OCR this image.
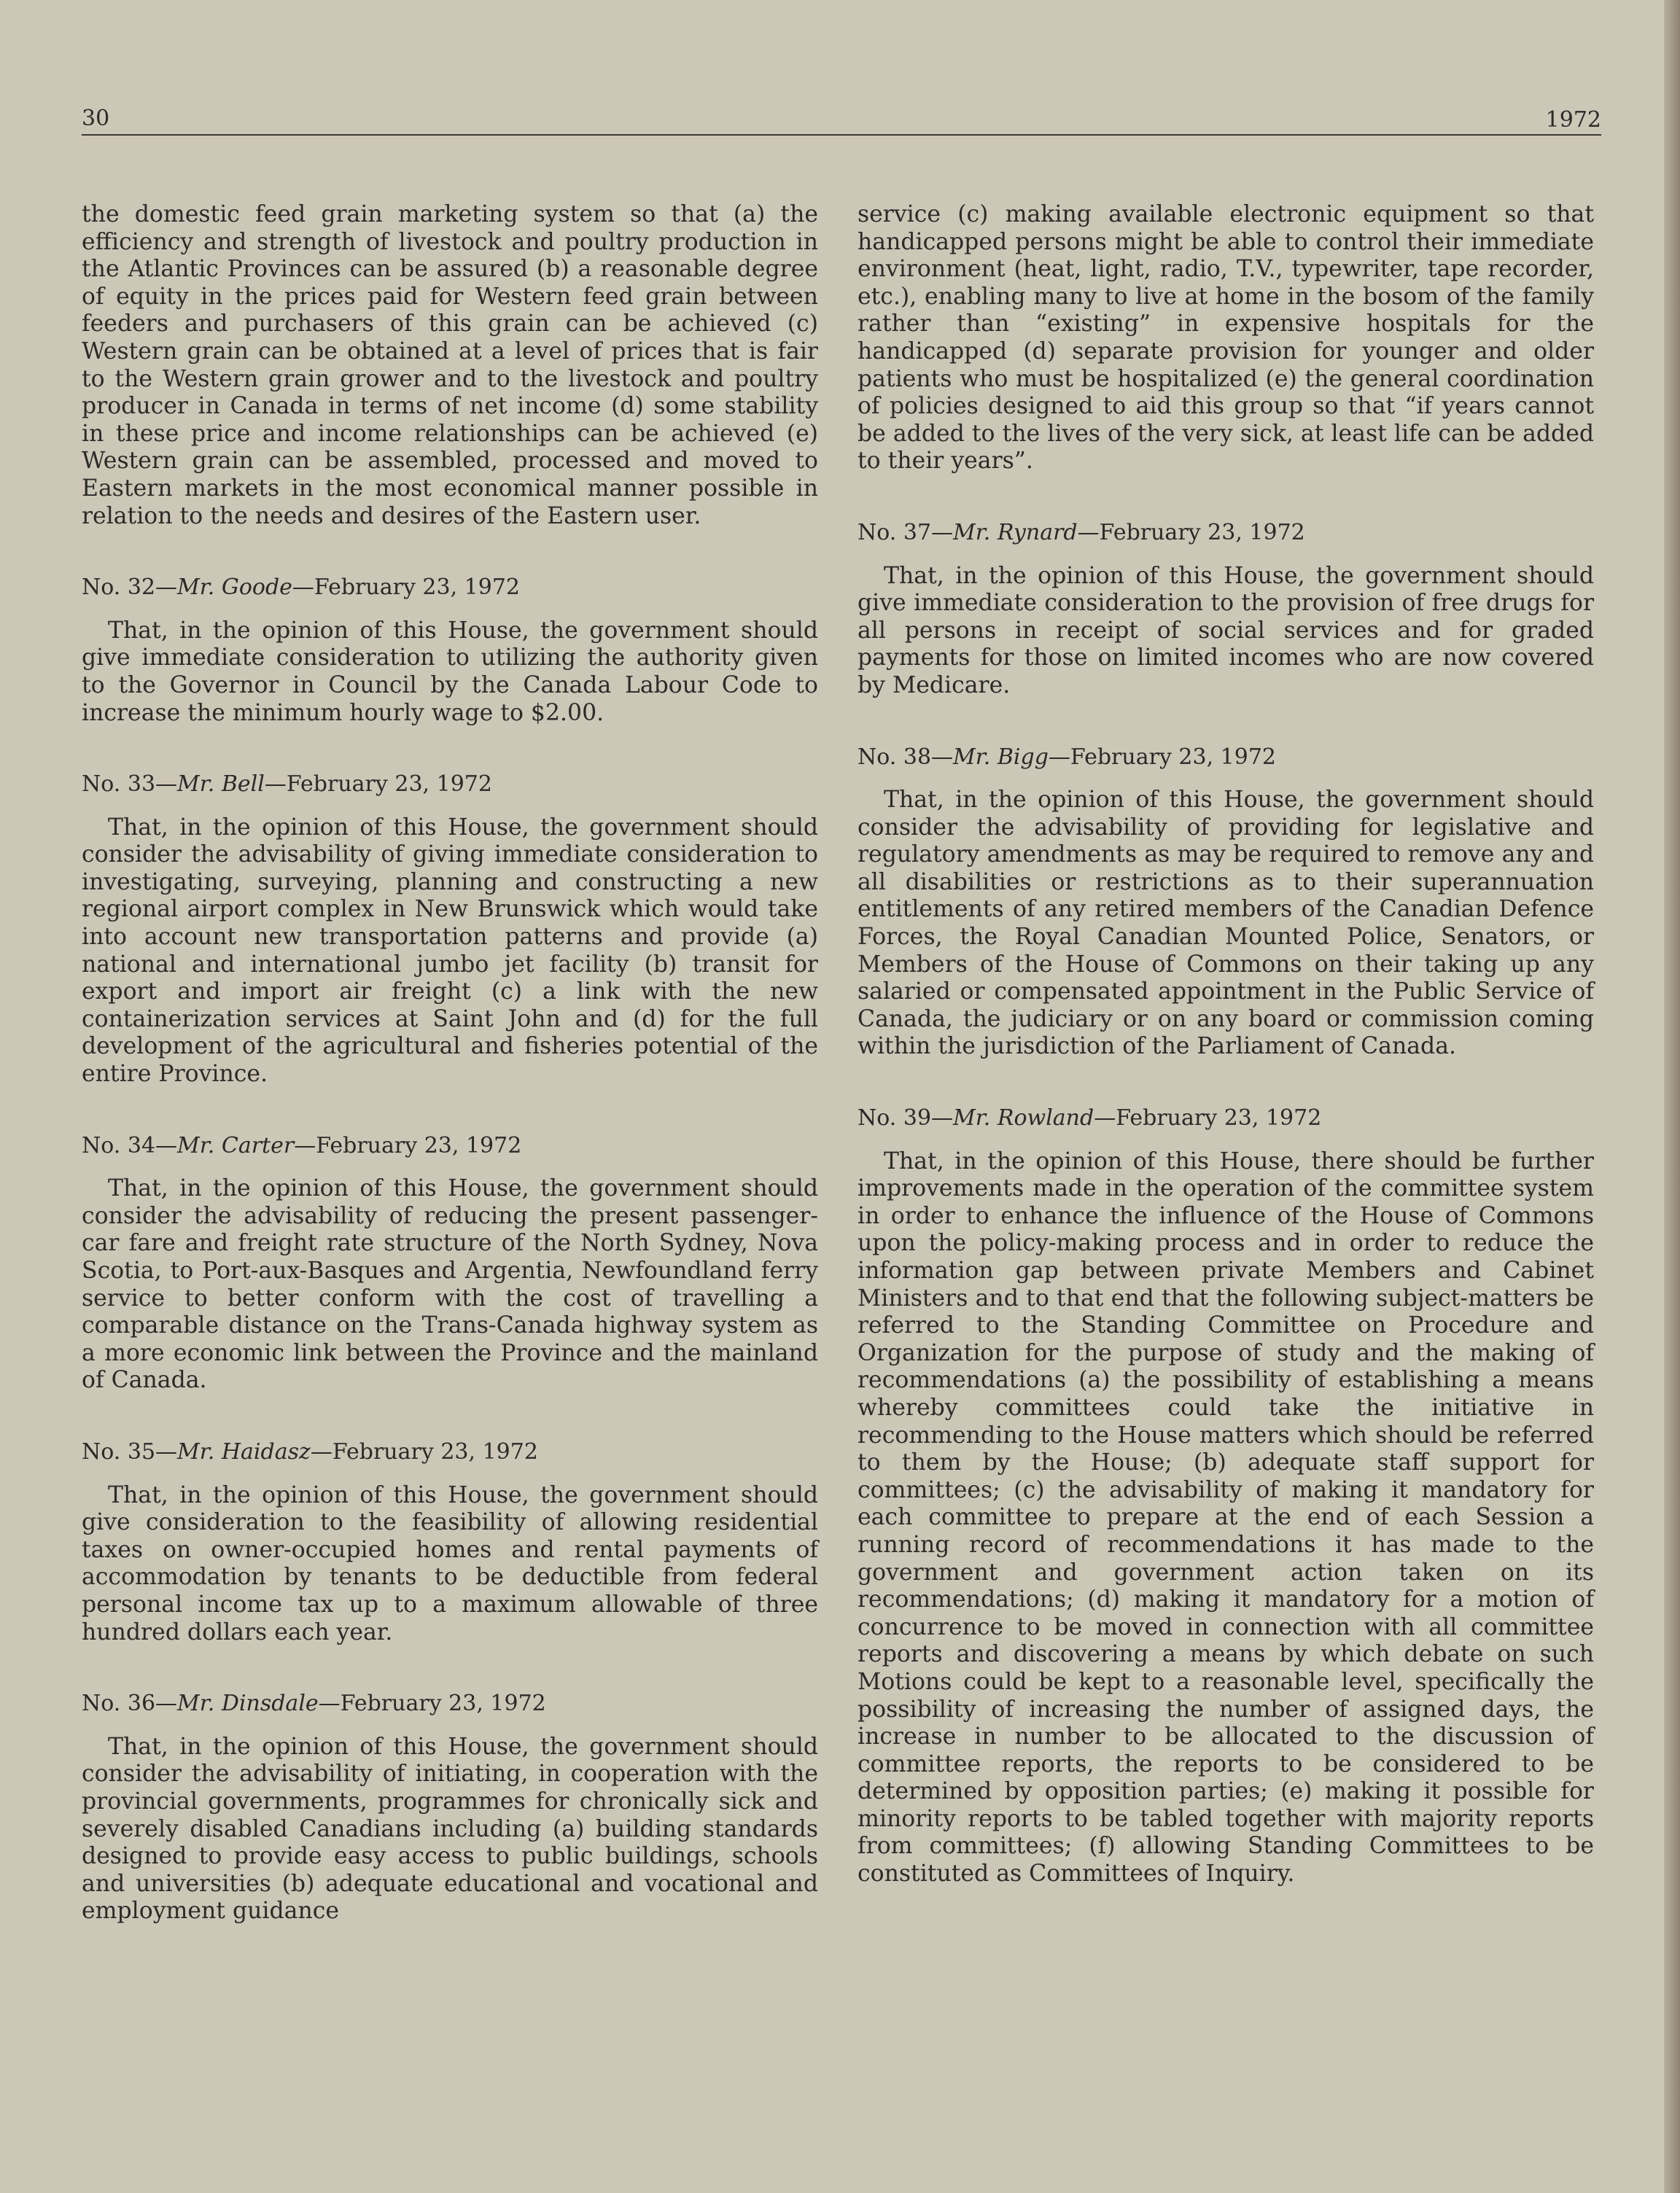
30	1972

the domestic feed grain marketing system so that (a) the efficiency and strength of livestock and poultry production in the Atlantic Provinces can be assured (b) a reasonable degree of equity in the prices paid for Western feed grain between feeders and purchasers of this grain can be achieved (c) Western grain can be obtained at a level of prices that is fair to the Western grain grower and to the livestock and poultry producer in Canada in terms of net income (d) some stability in these price and income relationships can be achieved (e) Western grain can be assembled, processed and moved to Eastern markets in the most economical manner possible in relation to the needs and desires of the Eastern user.

No. 32—Mr. Goode—February 23, 1972

That, in the opinion of this House, the government should give immediate consideration to utilizing the authority given to the Governor in Council by the Canada Labour Code to increase the minimum hourly wage to $2.00.

No. 33—Mr. Bell—February 23, 1972

That, in the opinion of this House, the government should consider the advisability of giving immediate consideration to investigating, surveying, planning and constructing a new regional airport complex in New Brunswick which would take into account new transportation patterns and provide (a) national and international jumbo jet facility (b) transit for export and import air freight (c) a link with the new containerization services at Saint John and (d) for the full development of the agricultural and fisheries potential of the entire Province.

No. 34—Mr. Carter—February 23, 1972

That, in the opinion of this House, the government should consider the advisability of reducing the present passenger-car fare and freight rate structure of the North Sydney, Nova Scotia, to Port-aux-Basques and Argentia, Newfoundland ferry service to better conform with the cost of travelling a comparable distance on the Trans-Canada highway system as a more economic link between the Province and the mainland of Canada.

No. 35—Mr. Haidasz—February 23, 1972

That, in the opinion of this House, the government should give consideration to the feasibility of allowing residential taxes on owner-occupied homes and rental payments of accommodation by tenants to be deductible from federal personal income tax up to a maximum allowable of three hundred dollars each year.

No. 36—Mr. Dinsdale—February 23, 1972

That, in the opinion of this House, the government should consider the advisability of initiating, in cooperation with the provincial governments, programmes for chronically sick and severely disabled Canadians including (a) building standards designed to provide easy access to public buildings, schools and universities (b) adequate educational and vocational and employment guidance

service (c) making available electronic equipment so that handicapped persons might be able to control their immediate environment (heat, light, radio, T.V., typewriter, tape recorder, etc.), enabling many to live at home in the bosom of the family rather than “existing” in expensive hospitals for the handicapped (d) separate provision for younger and older patients who must be hospitalized (e) the general coordination of policies designed to aid this group so that “if years cannot be added to the lives of the very sick, at least life can be added to their years”.

No. 37—Mr. Rynard—February 23, 1972

That, in the opinion of this House, the government should give immediate consideration to the provision of free drugs for all persons in receipt of social services and for graded payments for those on limited incomes who are now covered by Medicare.

No. 38—Mr. Bigg—February 23, 1972

That, in the opinion of this House, the government should consider the advisability of providing for legislative and regulatory amendments as may be required to remove any and all disabilities or restrictions as to their superannuation entitlements of any retired members of the Canadian Defence Forces, the Royal Canadian Mounted Police, Senators, or Members of the House of Commons on their taking up any salaried or compensated appointment in the Public Service of Canada, the judiciary or on any board or commission coming within the jurisdiction of the Parliament of Canada.

No. 39—Mr. Rowland—February 23, 1972

That, in the opinion of this House, there should be further improvements made in the operation of the committee system in order to enhance the influence of the House of Commons upon the policy-making process and in order to reduce the information gap between private Members and Cabinet Ministers and to that end that the following subject-matters be referred to the Standing Committee on Procedure and Organization for the purpose of study and the making of recommendations (a) the possibility of establishing a means whereby committees could take the initiative in recommending to the House matters which should be referred to them by the House; (b) adequate staff support for committees; (c) the advisability of making it mandatory for each committee to prepare at the end of each Session a running record of recommendations it has made to the government and government action taken on its recommendations; (d) making it mandatory for a motion of concurrence to be moved in connection with all committee reports and discovering a means by which debate on such Motions could be kept to a reasonable level, specifically the possibility of increasing the number of assigned days, the increase in number to be allocated to the discussion of committee reports, the reports to be considered to be determined by opposition parties; (e) making it possible for minority reports to be tabled together with majority reports from committees; (f) allowing Standing Committees to be constituted as Committees of Inquiry.
